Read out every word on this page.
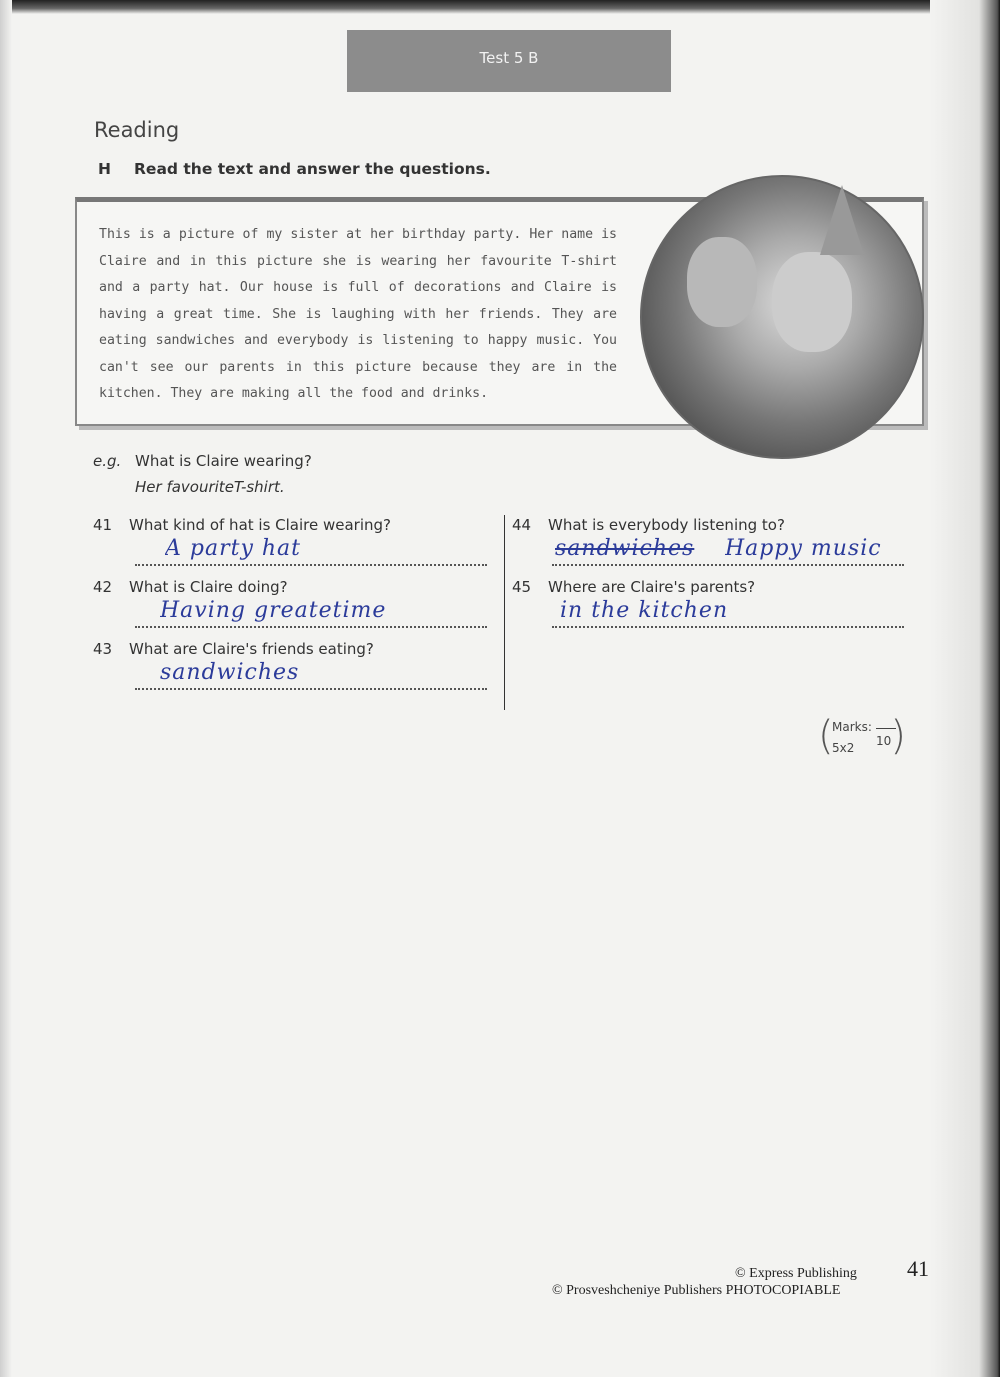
Test 5 B
Reading
H Read the text and answer the questions.
This is a picture of my sister at her birthday party. Her name is Claire and in this picture she is wearing her favourite T-shirt and a party hat. Our house is full of decorations and Claire is having a great time. She is laughing with her friends. They are eating sandwiches and everybody is listening to happy music. You can't see our parents in this picture because they are in the kitchen. They are making all the food and drinks.
e.g. What is Claire wearing?
Her favouriteT-shirt.
41 What kind of hat is Claire wearing?
A party hat
42 What is Claire doing?
Having greatetime
43 What are Claire's friends eating?
sandwiches
44 What is everybody listening to?
sandwiches	Happy music
45 Where are Claire's parents?
in the kitchen
(
Marks:
5x2 10 )
© Express Publishing
© Prosveshcheniye Publishers PHOTOCOPIABLE
41
